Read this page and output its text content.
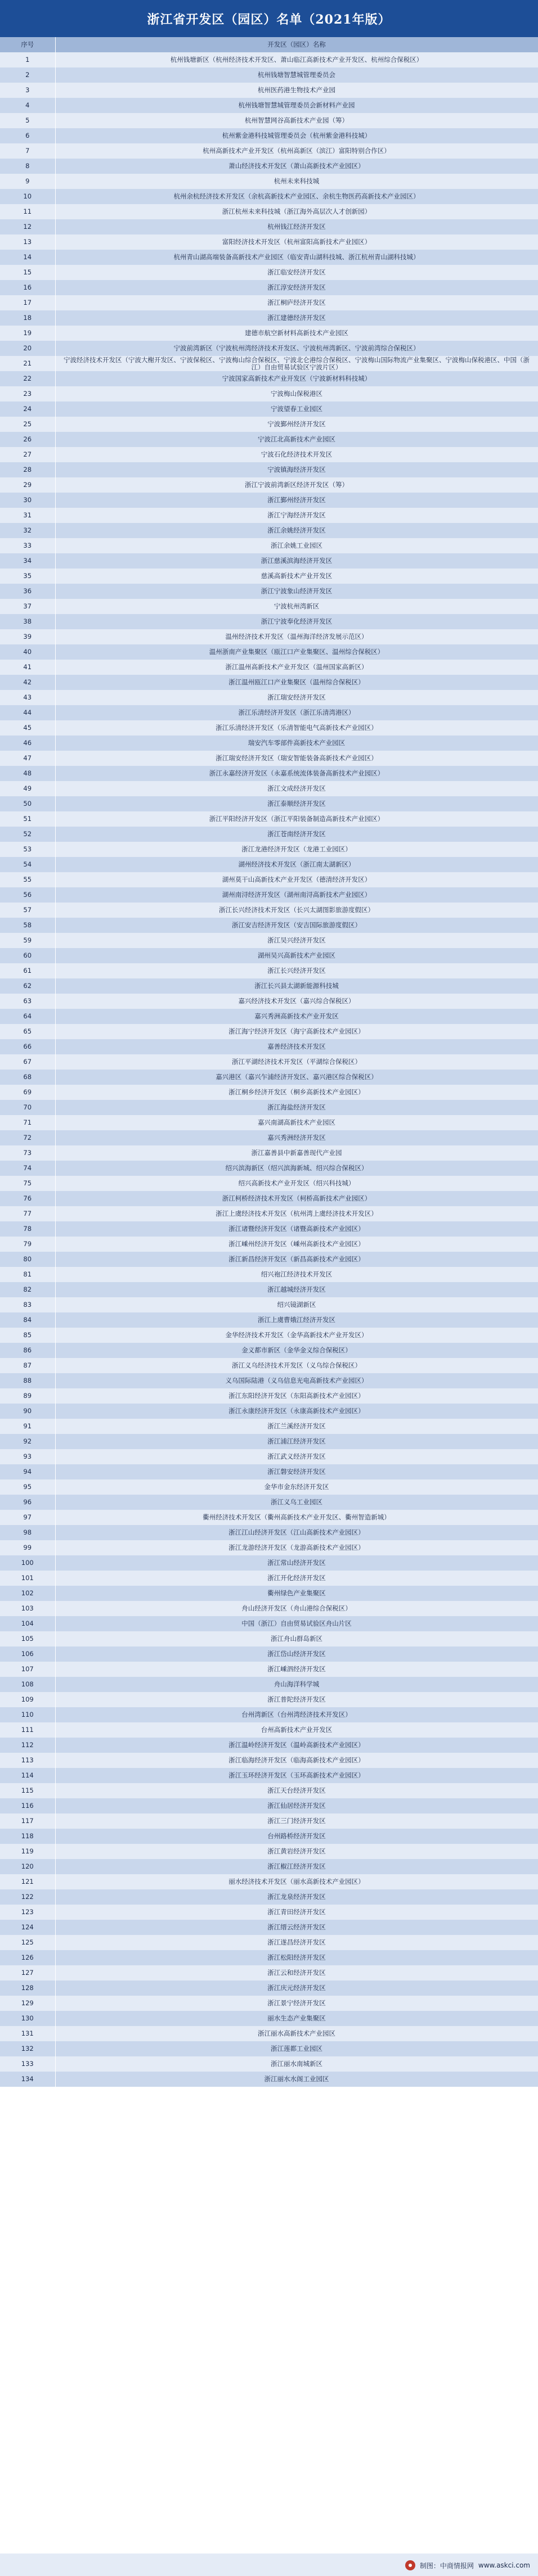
浙江省开发区（园区）名单（2021年版）
序号	开发区（园区）名称
1	杭州钱塘新区（杭州经济技术开发区、萧山临江高新技术产业开发区、杭州综合保税区）
2	杭州钱塘智慧城管理委员会
3	杭州医药港生物技术产业园
4	杭州钱塘智慧城管理委员会新材料产业园
5	杭州智慧网谷高新技术产业园（筹）
6	杭州紫金港科技城管理委员会（杭州紫金港科技城）
7	杭州高新技术产业开发区（杭州高新区（滨江）富阳特别合作区）
8	萧山经济技术开发区（萧山高新技术产业园区）
9	杭州未来科技城
10	杭州余杭经济技术开发区（余杭高新技术产业园区、余杭生物医药高新技术产业园区）
11	浙江杭州未来科技城（浙江海外高层次人才创新园）
12	杭州钱江经济开发区
13	富阳经济技术开发区（杭州富阳高新技术产业园区）
14	杭州青山湖高端装备高新技术产业园区（临安青山湖科技城、浙江杭州青山湖科技城）
15	浙江临安经济开发区
16	浙江淳安经济开发区
17	浙江桐庐经济开发区
18	浙江建德经济开发区
19	建德市航空新材料高新技术产业园区
20	宁波前湾新区（宁波杭州湾经济技术开发区、宁波杭州湾新区、宁波前湾综合保税区）
21	宁波经济技术开发区（宁波大榭开发区、宁波保税区、宁波梅山综合保税区、宁波北仑港综合保税区、宁波梅山国际物流产业集聚区、宁波梅山保税港区、中国（浙江）自由贸易试验区宁波片区）
22	宁波国家高新技术产业开发区（宁波新材料科技城）
23	宁波梅山保税港区
24	宁波望春工业园区
25	宁波鄞州经济开发区
26	宁波江北高新技术产业园区
27	宁波石化经济技术开发区
28	宁波镇海经济开发区
29	浙江宁波前湾新区经济开发区（筹）
30	浙江鄞州经济开发区
31	浙江宁海经济开发区
32	浙江余姚经济开发区
33	浙江余姚工业园区
34	浙江慈溪滨海经济开发区
35	慈溪高新技术产业开发区
36	浙江宁波象山经济开发区
37	宁波杭州湾新区
38	浙江宁波奉化经济开发区
39	温州经济技术开发区（温州海洋经济发展示范区）
40	温州浙南产业集聚区（瓯江口产业集聚区、温州综合保税区）
41	浙江温州高新技术产业开发区（温州国家高新区）
42	浙江温州瓯江口产业集聚区（温州综合保税区）
43	浙江瑞安经济开发区
44	浙江乐清经济开发区（浙江乐清湾港区）
45	浙江乐清经济开发区（乐清智能电气高新技术产业园区）
46	瑞安汽车零部件高新技术产业园区
47	浙江瑞安经济开发区（瑞安智能装备高新技术产业园区）
48	浙江永嘉经济开发区（永嘉系统流体装备高新技术产业园区）
49	浙江文成经济开发区
50	浙江泰顺经济开发区
51	浙江平阳经济开发区（浙江平阳装备制造高新技术产业园区）
52	浙江苍南经济开发区
53	浙江龙港经济开发区（龙港工业园区）
54	湖州经济技术开发区（浙江南太湖新区）
55	湖州莫干山高新技术产业开发区（德清经济开发区）
56	湖州南浔经济开发区（湖州南浔高新技术产业园区）
57	浙江长兴经济技术开发区（长兴太湖图影旅游度假区）
58	浙江安吉经济开发区（安吉国际旅游度假区）
59	浙江吴兴经济开发区
60	湖州吴兴高新技术产业园区
61	浙江长兴经济开发区
62	浙江长兴县太湖新能源科技城
63	嘉兴经济技术开发区（嘉兴综合保税区）
64	嘉兴秀洲高新技术产业开发区
65	浙江海宁经济开发区（海宁高新技术产业园区）
66	嘉善经济技术开发区
67	浙江平湖经济技术开发区（平湖综合保税区）
68	嘉兴港区（嘉兴乍浦经济开发区、嘉兴港区综合保税区）
69	浙江桐乡经济开发区（桐乡高新技术产业园区）
70	浙江海盐经济开发区
71	嘉兴南湖高新技术产业园区
72	嘉兴秀洲经济开发区
73	浙江嘉善县中新嘉善现代产业园
74	绍兴滨海新区（绍兴滨海新城、绍兴综合保税区）
75	绍兴高新技术产业开发区（绍兴科技城）
76	浙江柯桥经济技术开发区（柯桥高新技术产业园区）
77	浙江上虞经济技术开发区（杭州湾上虞经济技术开发区）
78	浙江诸暨经济开发区（诸暨高新技术产业园区）
79	浙江嵊州经济开发区（嵊州高新技术产业园区）
80	浙江新昌经济开发区（新昌高新技术产业园区）
81	绍兴袍江经济技术开发区
82	浙江越城经济开发区
83	绍兴镜湖新区
84	浙江上虞曹娥江经济开发区
85	金华经济技术开发区（金华高新技术产业开发区）
86	金义都市新区（金华金义综合保税区）
87	浙江义乌经济技术开发区（义乌综合保税区）
88	义乌国际陆港（义乌信息光电高新技术产业园区）
89	浙江东阳经济开发区（东阳高新技术产业园区）
90	浙江永康经济开发区（永康高新技术产业园区）
91	浙江兰溪经济开发区
92	浙江浦江经济开发区
93	浙江武义经济开发区
94	浙江磐安经济开发区
95	金华市金东经济开发区
96	浙江义乌工业园区
97	衢州经济技术开发区（衢州高新技术产业开发区、衢州智造新城）
98	浙江江山经济开发区（江山高新技术产业园区）
99	浙江龙游经济开发区（龙游高新技术产业园区）
100	浙江常山经济开发区
101	浙江开化经济开发区
102	衢州绿色产业集聚区
103	舟山经济开发区（舟山港综合保税区）
104	中国（浙江）自由贸易试验区舟山片区
105	浙江舟山群岛新区
106	浙江岱山经济开发区
107	浙江嵊泗经济开发区
108	舟山海洋科学城
109	浙江普陀经济开发区
110	台州湾新区（台州湾经济技术开发区）
111	台州高新技术产业开发区
112	浙江温岭经济开发区（温岭高新技术产业园区）
113	浙江临海经济开发区（临海高新技术产业园区）
114	浙江玉环经济开发区（玉环高新技术产业园区）
115	浙江天台经济开发区
116	浙江仙居经济开发区
117	浙江三门经济开发区
118	台州路桥经济开发区
119	浙江黄岩经济开发区
120	浙江椒江经济开发区
121	丽水经济技术开发区（丽水高新技术产业园区）
122	浙江龙泉经济开发区
123	浙江青田经济开发区
124	浙江缙云经济开发区
125	浙江遂昌经济开发区
126	浙江松阳经济开发区
127	浙江云和经济开发区
128	浙江庆元经济开发区
129	浙江景宁经济开发区
130	丽水生态产业集聚区
131	浙江丽水高新技术产业园区
132	浙江莲都工业园区
133	浙江丽水南城新区
134	浙江丽水水阁工业园区
制图：中商情报网 www.askci.com
